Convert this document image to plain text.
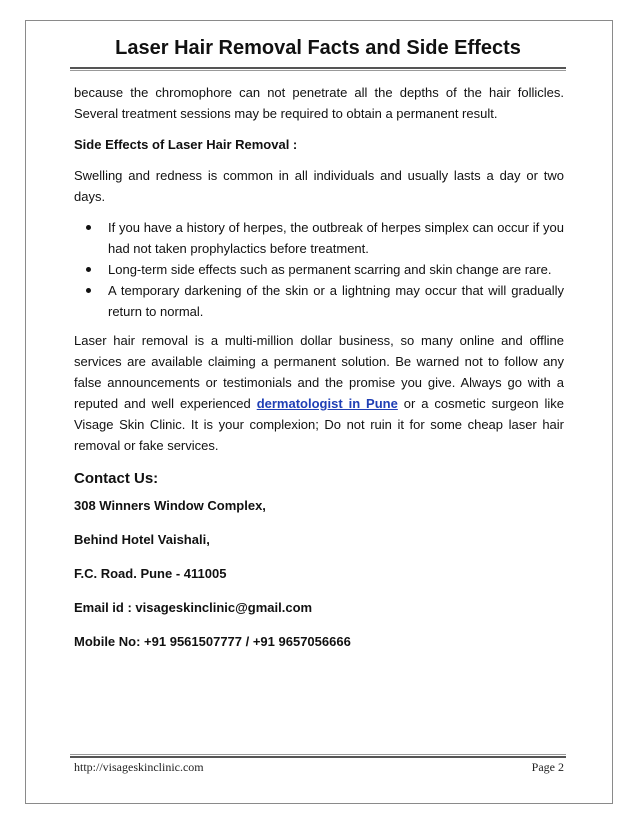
Laser Hair Removal Facts and Side Effects

because the chromophore can not penetrate all the depths of the hair follicles. Several treatment sessions may be required to obtain a permanent result.

Side Effects of Laser Hair Removal :

Swelling and redness is common in all individuals and usually lasts a day or two days.

If you have a history of herpes, the outbreak of herpes simplex can occur if you had not taken prophylactics before treatment.
Long-term side effects such as permanent scarring and skin change are rare.
A temporary darkening of the skin or a lightning may occur that will gradually return to normal.

Laser hair removal is a multi-million dollar business, so many online and offline services are available claiming a permanent solution. Be warned not to follow any false announcements or testimonials and the promise you give. Always go with a reputed and well experienced dermatologist in Pune or a cosmetic surgeon like Visage Skin Clinic. It is your complexion; Do not ruin it for some cheap laser hair removal or fake services.

Contact Us:

308 Winners Window Complex,

Behind Hotel Vaishali,

F.C. Road. Pune - 411005

Email id : visageskinclinic@gmail.com

Mobile No: +91 9561507777 / +91 9657056666

http://visageskinclinic.com	Page 2
